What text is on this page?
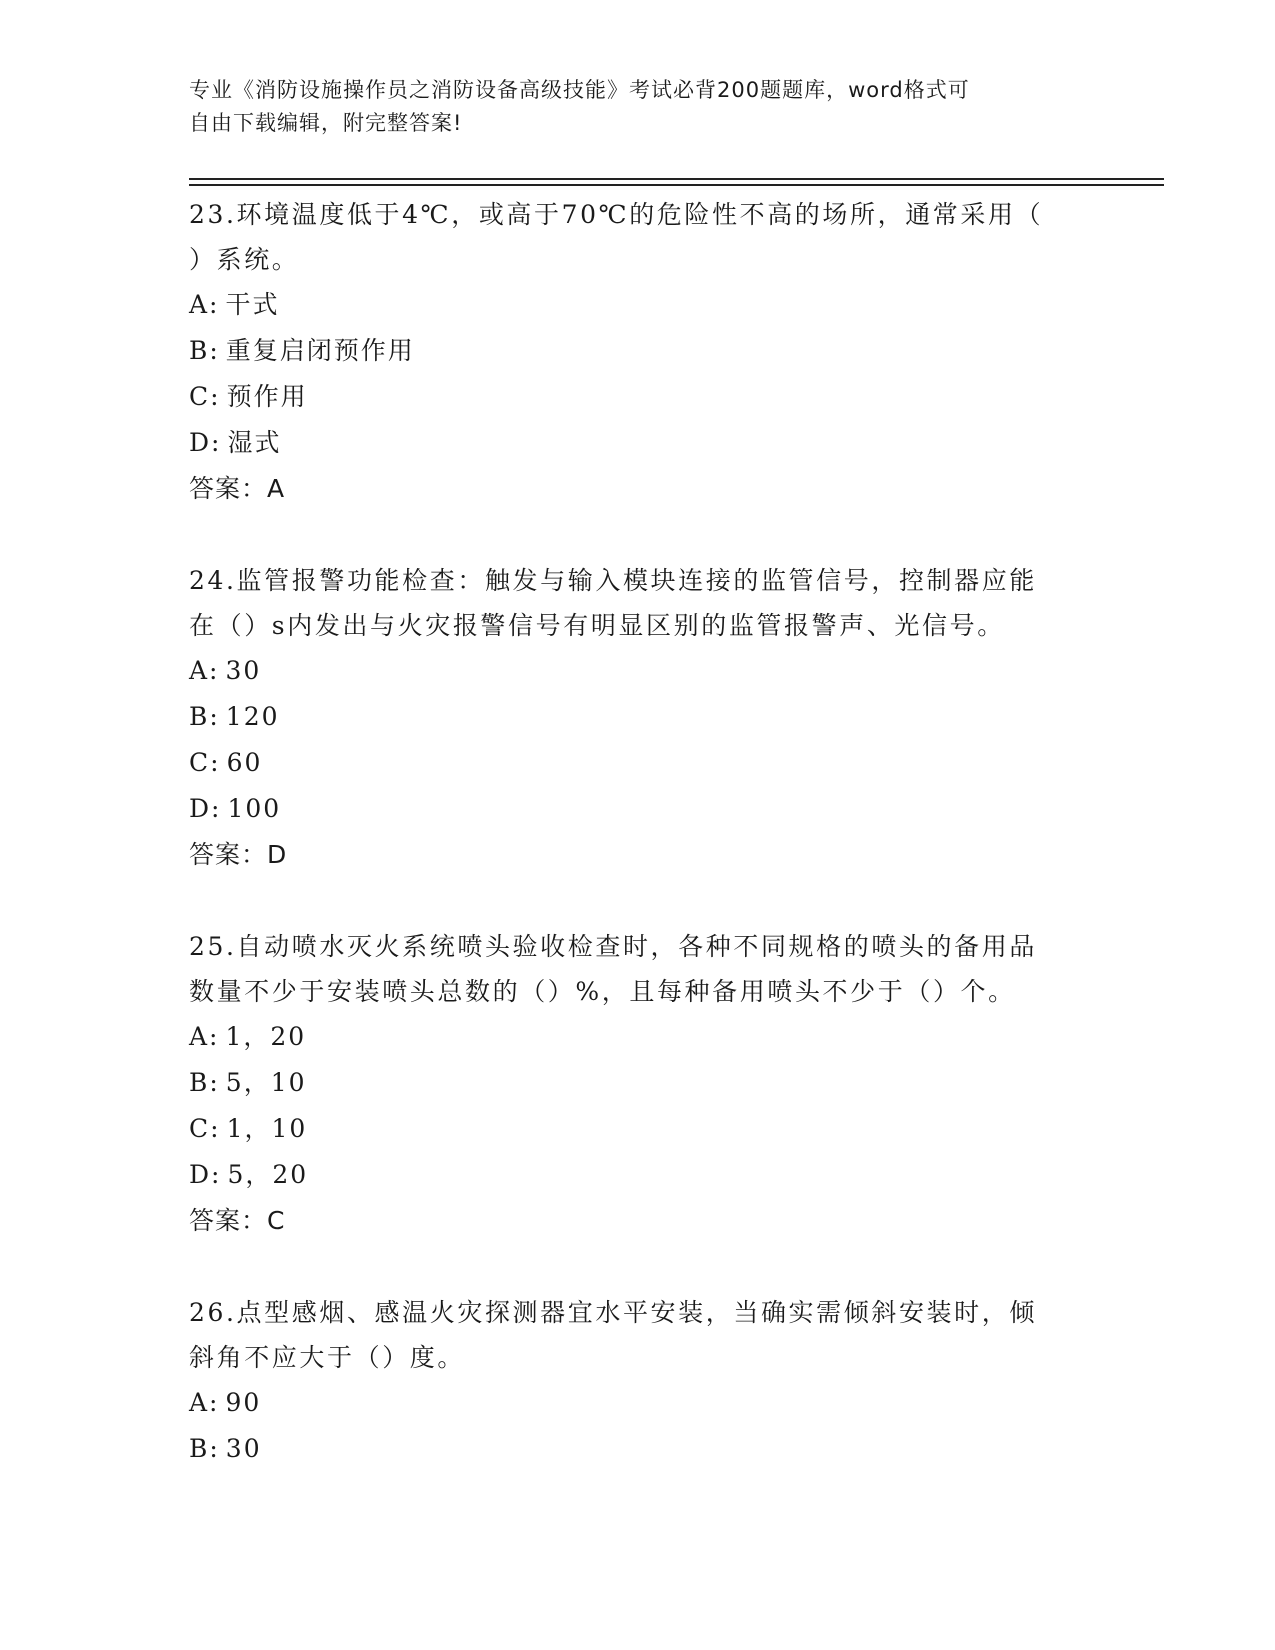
专业《消防设施操作员之消防设备高级技能》考试必背200题题库，word格式可
自由下载编辑，附完整答案!

23.环境温度低于4℃，或高于70℃的危险性不高的场所，通常采用（
）系统。

A: 干式

B: 重复启闭预作用

C: 预作用

D: 湿式

答案：A

24.监管报警功能检查：触发与输入模块连接的监管信号，控制器应能
在（）s内发出与火灾报警信号有明显区别的监管报警声、光信号。

A: 30

B: 120

C: 60

D: 100

答案：D

25.自动喷水灭火系统喷头验收检查时，各种不同规格的喷头的备用品
数量不少于安装喷头总数的（）%，且每种备用喷头不少于（）个。

A: 1，20

B: 5，10

C: 1，10

D: 5，20

答案：C

26.点型感烟、感温火灾探测器宜水平安装，当确实需倾斜安装时，倾
斜角不应大于（）度。

A: 90

B: 30
